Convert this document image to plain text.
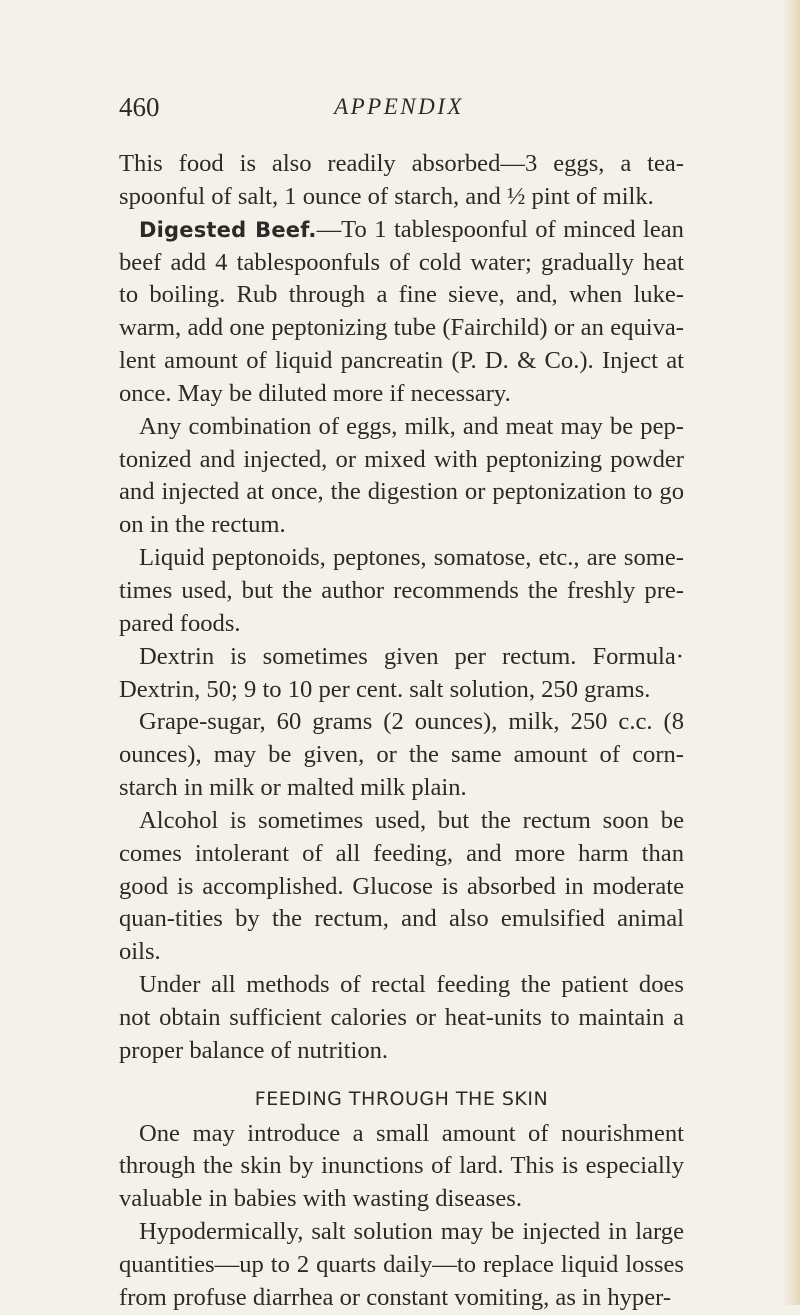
460	APPENDIX

This food is also readily absorbed—3 eggs, a tea-spoonful of salt, 1 ounce of starch, and ½ pint of milk.

Digested Beef.—To 1 tablespoonful of minced lean beef add 4 tablespoonfuls of cold water; gradually heat to boiling. Rub through a fine sieve, and, when luke-warm, add one peptonizing tube (Fairchild) or an equiva-lent amount of liquid pancreatin (P. D. & Co.). Inject at once. May be diluted more if necessary.

Any combination of eggs, milk, and meat may be pep-tonized and injected, or mixed with peptonizing powder and injected at once, the digestion or peptonization to go on in the rectum.

Liquid peptonoids, peptones, somatose, etc., are some-times used, but the author recommends the freshly pre-pared foods.

Dextrin is sometimes given per rectum. Formula· Dextrin, 50; 9 to 10 per cent. salt solution, 250 grams.

Grape-sugar, 60 grams (2 ounces), milk, 250 c.c. (8 ounces), may be given, or the same amount of corn-starch in milk or malted milk plain.

Alcohol is sometimes used, but the rectum soon be comes intolerant of all feeding, and more harm than good is accomplished. Glucose is absorbed in moderate quan-tities by the rectum, and also emulsified animal oils.

Under all methods of rectal feeding the patient does not obtain sufficient calories or heat-units to maintain a proper balance of nutrition.

FEEDING THROUGH THE SKIN

One may introduce a small amount of nourishment through the skin by inunctions of lard. This is especially valuable in babies with wasting diseases.

Hypodermically, salt solution may be injected in large quantities—up to 2 quarts daily—to replace liquid losses from profuse diarrhea or constant vomiting, as in hyper-
